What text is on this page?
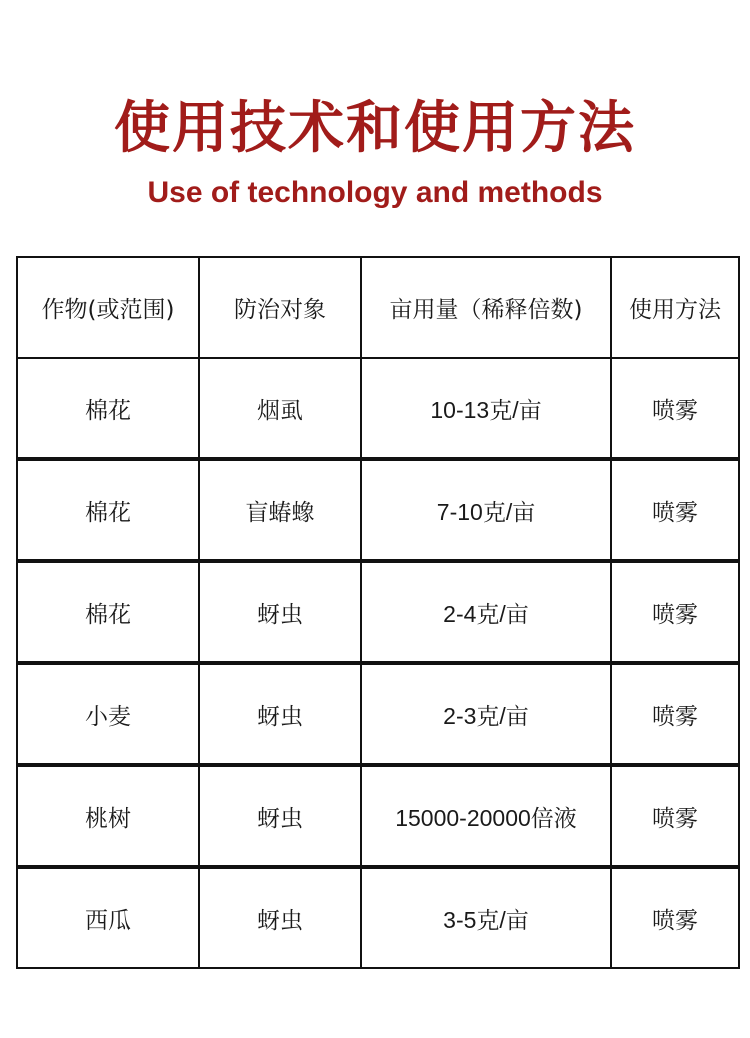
使用技术和使用方法
Use of technology and methods
作物(或范围)	防治对象	亩用量（稀释倍数)	使用方法
棉花	烟虱	10-13克/亩	喷雾
棉花	盲蝽蟓	7-10克/亩	喷雾
棉花	蚜虫	2-4克/亩	喷雾
小麦	蚜虫	2-3克/亩	喷雾
桃树	蚜虫	15000-20000倍液	喷雾
西瓜	蚜虫	3-5克/亩	喷雾
